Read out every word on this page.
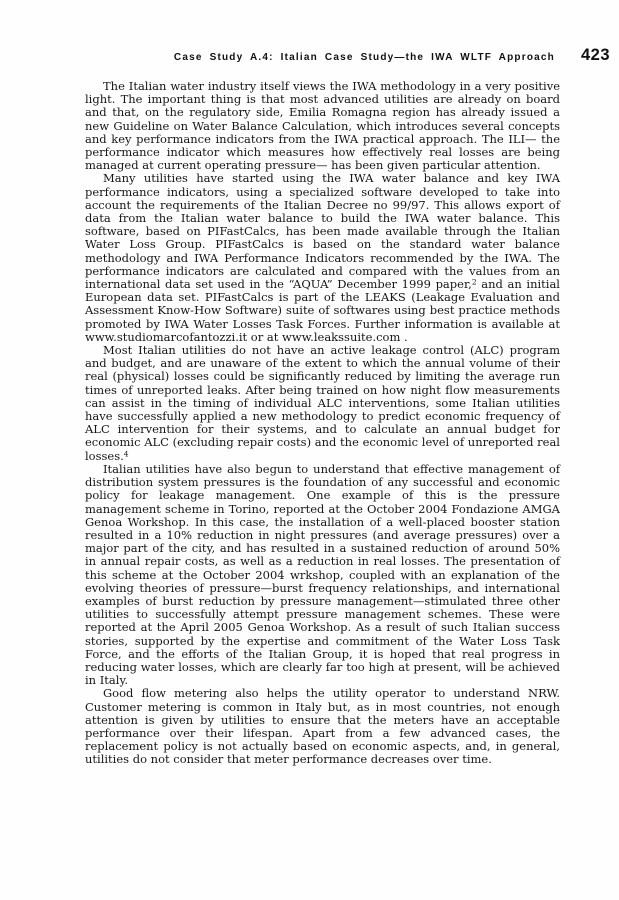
Case Study A.4: Italian Case Study—the IWA WLTF Approach 423

The Italian water industry itself views the IWA methodology in a very positive light. The important thing is that most advanced utilities are already on board and that, on the regulatory side, Emilia Romagna region has already issued a new Guideline on Water Balance Calculation, which introduces several concepts and key performance indicators from the IWA practical approach. The ILI— the performance indicator which measures how effectively real losses are being managed at current operating pressure— has been given particular attention.

Many utilities have started using the IWA water balance and key IWA performance indicators, using a specialized software developed to take into account the requirements of the Italian Decree no 99/97. This allows export of data from the Italian water balance to build the IWA water balance. This software, based on PIFastCalcs, has been made available through the Italian Water Loss Group. PIFastCalcs is based on the standard water balance methodology and IWA Performance Indicators recommended by the IWA. The performance indicators are calculated and compared with the values from an international data set used in the “AQUA” December 1999 paper,$^2$ and an initial European data set. PIFastCalcs is part of the LEAKS (Leakage Evaluation and Assessment Know-How Software) suite of softwares using best practice methods promoted by IWA Water Losses Task Forces. Further information is available at www.studiomarcofantozzi.it or at www.leakssuite.com .

Most Italian utilities do not have an active leakage control (ALC) program and budget, and are unaware of the extent to which the annual volume of their real (physical) losses could be significantly reduced by limiting the average run times of unreported leaks. After being trained on how night flow measurements can assist in the timing of individual ALC interventions, some Italian utilities have successfully applied a new methodology to predict economic frequency of ALC intervention for their systems, and to calculate an annual budget for economic ALC (excluding repair costs) and the economic level of unreported real losses.$^4$

Italian utilities have also begun to understand that effective management of distribution system pressures is the foundation of any successful and economic policy for leakage management. One example of this is the pressure management scheme in Torino, reported at the October 2004 Fondazione AMGA Genoa Workshop. In this case, the installation of a well-placed booster station resulted in a 10% reduction in night pressures (and average pressures) over a major part of the city, and has resulted in a sustained reduction of around 50% in annual repair costs, as well as a reduction in real losses. The presentation of this scheme at the October 2004 wrkshop, coupled with an explanation of the evolving theories of pressure—burst frequency relationships, and international examples of burst reduction by pressure management—stimulated three other utilities to successfully attempt pressure management schemes. These were reported at the April 2005 Genoa Workshop. As a result of such Italian success stories, supported by the expertise and commitment of the Water Loss Task Force, and the efforts of the Italian Group, it is hoped that real progress in reducing water losses, which are clearly far too high at present, will be achieved in Italy.

Good flow metering also helps the utility operator to understand NRW. Customer metering is common in Italy but, as in most countries, not enough attention is given by utilities to ensure that the meters have an acceptable performance over their lifespan. Apart from a few advanced cases, the replacement policy is not actually based on economic aspects, and, in general, utilities do not consider that meter performance decreases over time.
